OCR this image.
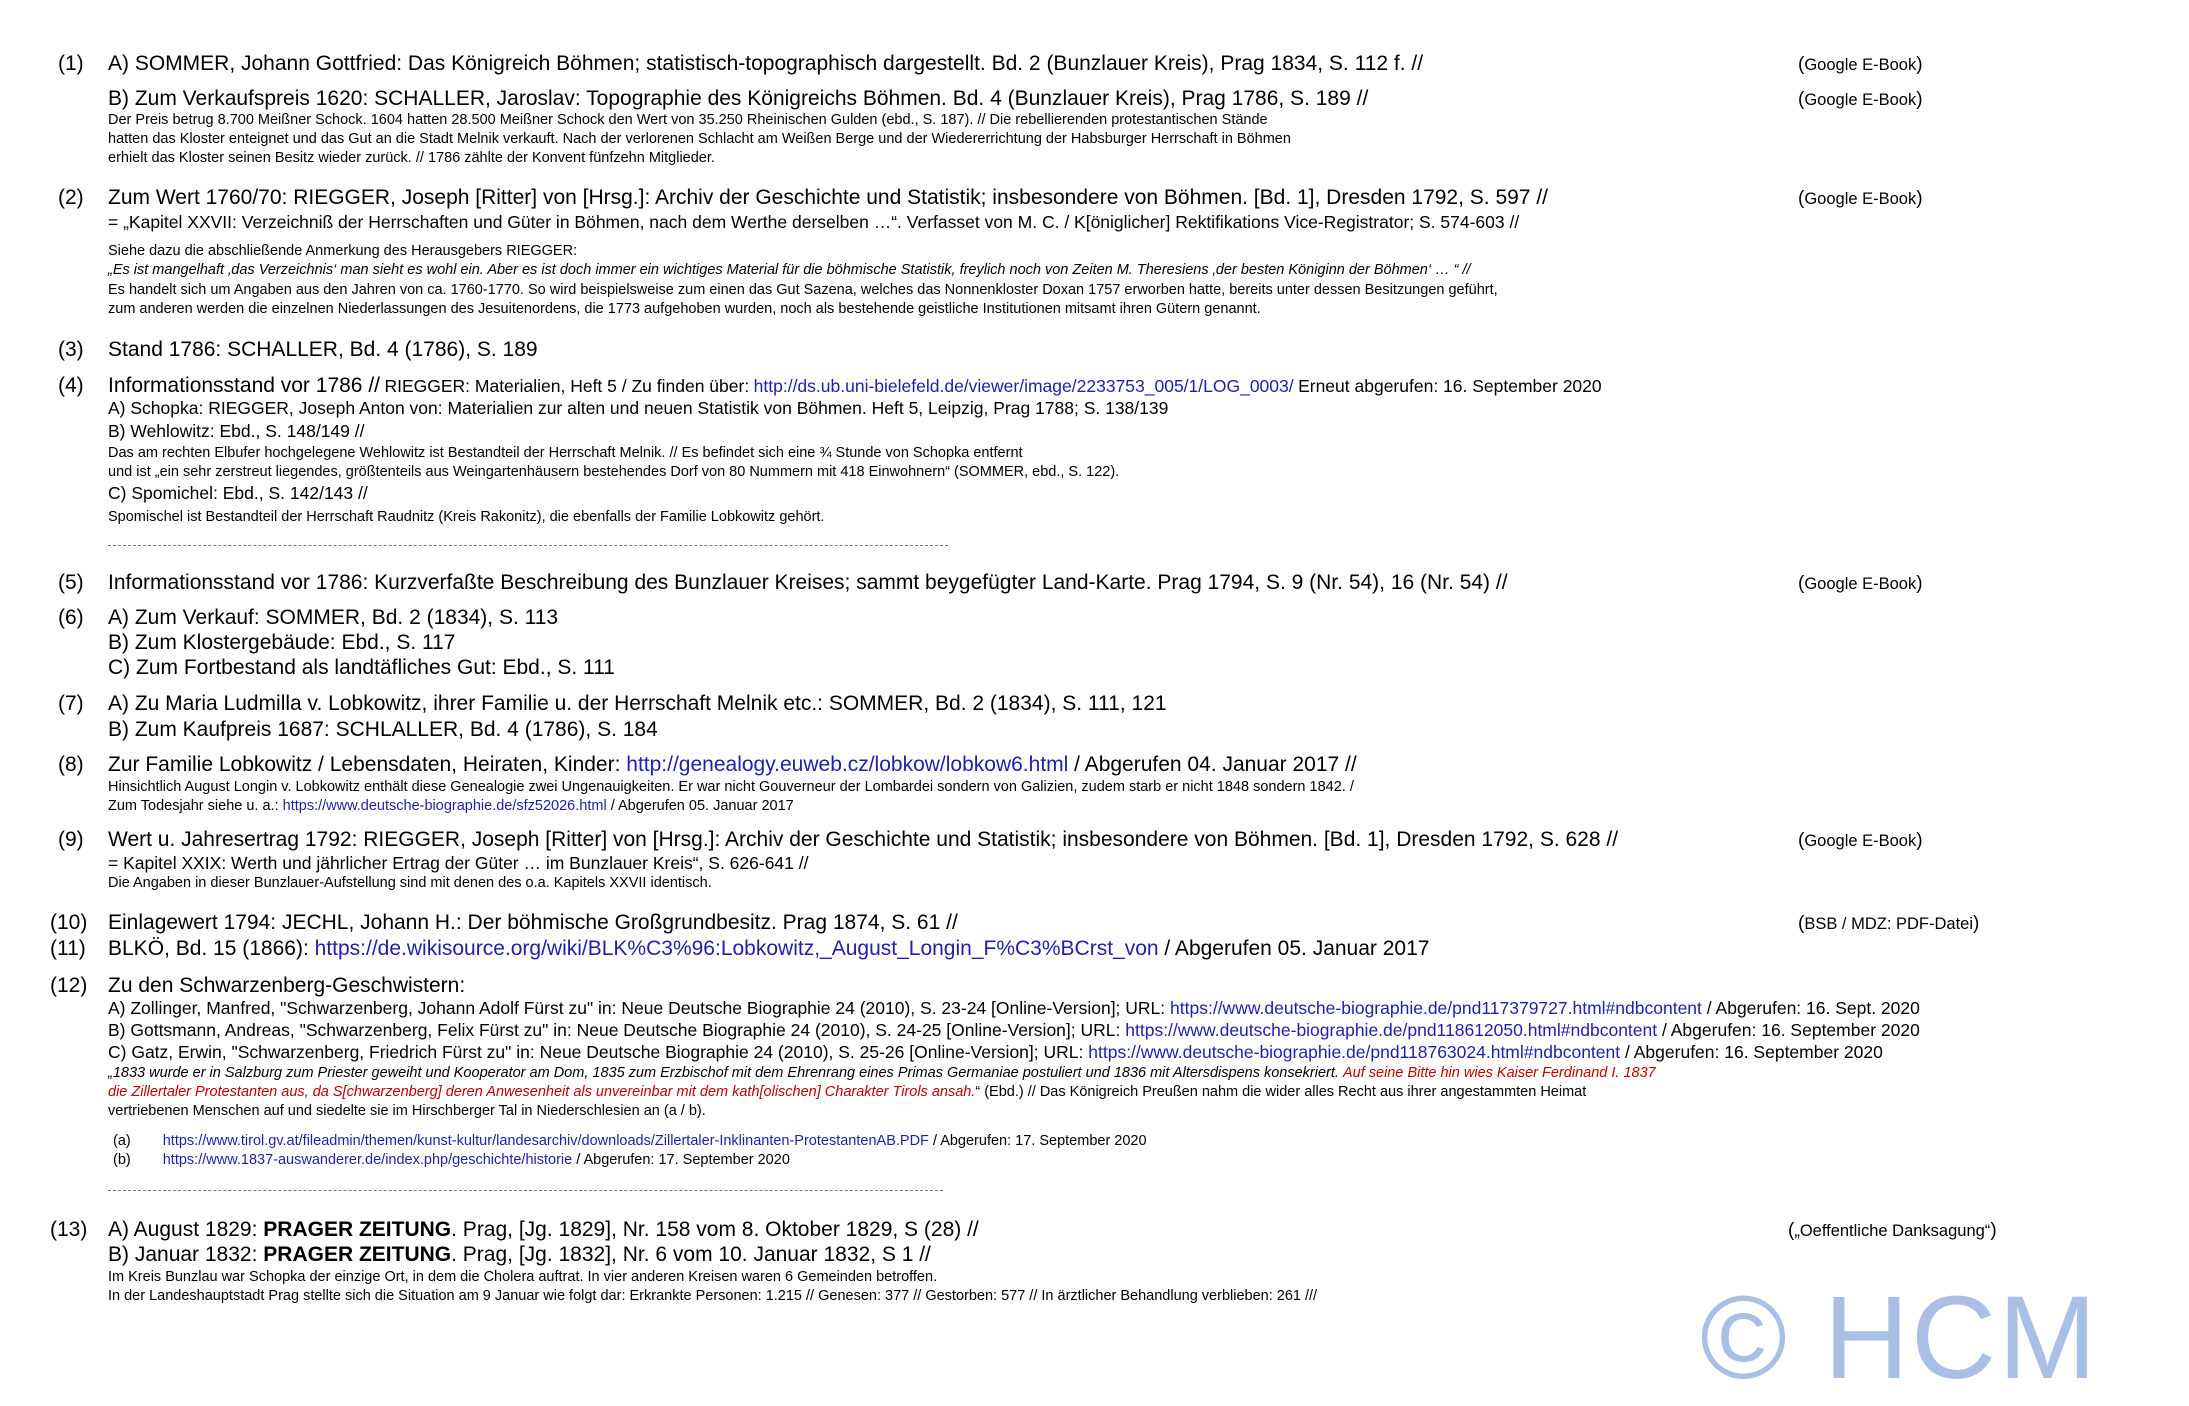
(1) A) SOMMER, Johann Gottfried: Das Königreich Böhmen; statistisch-topographisch dargestellt. Bd. 2 (Bunzlauer Kreis), Prag 1834, S. 112 f. //	(Google E-Book)
B) Zum Verkaufspreis 1620: SCHALLER, Jaroslav: Topographie des Königreichs Böhmen. Bd. 4 (Bunzlauer Kreis), Prag 1786, S. 189 //	(Google E-Book)
Der Preis betrug 8.700 Meißner Schock. 1604 hatten 28.500 Meißner Schock den Wert von 35.250 Rheinischen Gulden (ebd., S. 187). // Die rebellierenden protestantischen Stände
hatten das Kloster enteignet und das Gut an die Stadt Melnik verkauft. Nach der verlorenen Schlacht am Weißen Berge und der Wiedererrichtung der Habsburger Herrschaft in Böhmen
erhielt das Kloster seinen Besitz wieder zurück. // 1786 zählte der Konvent fünfzehn Mitglieder.
(2) Zum Wert 1760/70: RIEGGER, Joseph [Ritter] von [Hrsg.]: Archiv der Geschichte und Statistik; insbesondere von Böhmen. [Bd. 1], Dresden 1792, S. 597 //	(Google E-Book)
= „Kapitel XXVII: Verzeichniß der Herrschaften und Güter in Böhmen, nach dem Werthe derselben …“. Verfasset von M. C. / K[öniglicher] Rektifikations Vice-Registrator; S. 574-603 //
Siehe dazu die abschließende Anmerkung des Herausgebers RIEGGER:
„Es ist mangelhaft ‚das Verzeichnis‘ man sieht es wohl ein. Aber es ist doch immer ein wichtiges Material für die böhmische Statistik, freylich noch von Zeiten M. Theresiens ‚der besten Königinn der Böhmen‘ … “ //
Es handelt sich um Angaben aus den Jahren von ca. 1760-1770. So wird beispielsweise zum einen das Gut Sazena, welches das Nonnenkloster Doxan 1757 erworben hatte, bereits unter dessen Besitzungen geführt,
zum anderen werden die einzelnen Niederlassungen des Jesuitenordens, die 1773 aufgehoben wurden, noch als bestehende geistliche Institutionen mitsamt ihren Gütern genannt.
(3) Stand 1786: SCHALLER, Bd. 4 (1786), S. 189
(4) Informationsstand vor 1786 // RIEGGER: Materialien, Heft 5 / Zu finden über: http://ds.ub.uni-bielefeld.de/viewer/image/2233753_005/1/LOG_0003/ Erneut abgerufen: 16. September 2020
A) Schopka: RIEGGER, Joseph Anton von: Materialien zur alten und neuen Statistik von Böhmen. Heft 5, Leipzig, Prag 1788; S. 138/139
B) Wehlowitz: Ebd., S. 148/149 //
Das am rechten Elbufer hochgelegene Wehlowitz ist Bestandteil der Herrschaft Melnik. // Es befindet sich eine ¾ Stunde von Schopka entfernt
und ist „ein sehr zerstreut liegendes, größtenteils aus Weingartenhäusern bestehendes Dorf von 80 Nummern mit 418 Einwohnern“ (SOMMER, ebd., S. 122).
C) Spomichel: Ebd., S. 142/143 //
Spomischel ist Bestandteil der Herrschaft Raudnitz (Kreis Rakonitz), die ebenfalls der Familie Lobkowitz gehört.
(5) Informationsstand vor 1786: Kurzverfaßte Beschreibung des Bunzlauer Kreises; sammt beygefügter Land-Karte. Prag 1794, S. 9 (Nr. 54), 16 (Nr. 54) //	(Google E-Book)
(6) A) Zum Verkauf: SOMMER, Bd. 2 (1834), S. 113
B) Zum Klostergebäude: Ebd., S. 117
C) Zum Fortbestand als landtäfliches Gut: Ebd., S. 111
(7) A) Zu Maria Ludmilla v. Lobkowitz, ihrer Familie u. der Herrschaft Melnik etc.: SOMMER, Bd. 2 (1834), S. 111, 121
B) Zum Kaufpreis 1687: SCHLALLER, Bd. 4 (1786), S. 184
(8) Zur Familie Lobkowitz / Lebensdaten, Heiraten, Kinder: http://genealogy.euweb.cz/lobkow/lobkow6.html / Abgerufen 04. Januar 2017 //
Hinsichtlich August Longin v. Lobkowitz enthält diese Genealogie zwei Ungenauigkeiten. Er war nicht Gouverneur der Lombardei sondern von Galizien, zudem starb er nicht 1848 sondern 1842. /
Zum Todesjahr siehe u. a.: https://www.deutsche-biographie.de/sfz52026.html / Abgerufen 05. Januar 2017
(9) Wert u. Jahresertrag 1792: RIEGGER, Joseph [Ritter] von [Hrsg.]: Archiv der Geschichte und Statistik; insbesondere von Böhmen. [Bd. 1], Dresden 1792, S. 628 //	(Google E-Book)
= Kapitel XXIX: Werth und jährlicher Ertrag der Güter … im Bunzlauer Kreis“, S. 626-641 //
Die Angaben in dieser Bunzlauer-Aufstellung sind mit denen des o.a. Kapitels XXVII identisch.
(10) Einlagewert 1794: JECHL, Johann H.: Der böhmische Großgrundbesitz. Prag 1874, S. 61 //	(BSB / MDZ: PDF-Datei)
(11) BLKÖ, Bd. 15 (1866): https://de.wikisource.org/wiki/BLK%C3%96:Lobkowitz,_August_Longin_F%C3%BCrst_von / Abgerufen 05. Januar 2017
(12) Zu den Schwarzenberg-Geschwistern:
A) Zollinger, Manfred, "Schwarzenberg, Johann Adolf Fürst zu" in: Neue Deutsche Biographie 24 (2010), S. 23-24 [Online-Version]; URL: https://www.deutsche-biographie.de/pnd117379727.html#ndbcontent / Abgerufen: 16. Sept. 2020
B) Gottsmann, Andreas, "Schwarzenberg, Felix Fürst zu" in: Neue Deutsche Biographie 24 (2010), S. 24-25 [Online-Version]; URL: https://www.deutsche-biographie.de/pnd118612050.html#ndbcontent / Abgerufen: 16. September 2020
C) Gatz, Erwin, "Schwarzenberg, Friedrich Fürst zu" in: Neue Deutsche Biographie 24 (2010), S. 25-26 [Online-Version]; URL: https://www.deutsche-biographie.de/pnd118763024.html#ndbcontent / Abgerufen: 16. September 2020
„1833 wurde er in Salzburg zum Priester geweiht und Kooperator am Dom, 1835 zum Erzbischof mit dem Ehrenrang eines Primas Germaniae postuliert und 1836 mit Altersdispens konsekriert. Auf seine Bitte hin wies Kaiser Ferdinand I. 1837
die Zillertaler Protestanten aus, da S[chwarzenberg] deren Anwesenheit als unvereinbar mit dem kath[olischen] Charakter Tirols ansah.“ (Ebd.) // Das Königreich Preußen nahm die wider alles Recht aus ihrer angestammten Heimat
vertriebenen Menschen auf und siedelte sie im Hirschberger Tal in Niederschlesien an (a / b).
(a) https://www.tirol.gv.at/fileadmin/themen/kunst-kultur/landesarchiv/downloads/Zillertaler-Inklinanten-ProtestantenAB.PDF / Abgerufen: 17. September 2020
(b) https://www.1837-auswanderer.de/index.php/geschichte/historie / Abgerufen: 17. September 2020
(13) A) August 1829: PRAGER ZEITUNG. Prag, [Jg. 1829], Nr. 158 vom 8. Oktober 1829, S (28) //	(„Oeffentliche Danksagung“)
B) Januar 1832: PRAGER ZEITUNG. Prag, [Jg. 1832], Nr. 6 vom 10. Januar 1832, S 1 //
Im Kreis Bunzlau war Schopka der einzige Ort, in dem die Cholera auftrat. In vier anderen Kreisen waren 6 Gemeinden betroffen.
In der Landeshauptstadt Prag stellte sich die Situation am 9 Januar wie folgt dar: Erkrankte Personen: 1.215 // Genesen: 377 // Gestorben: 577 // In ärztlicher Behandlung verblieben: 261 ///	© HCM
